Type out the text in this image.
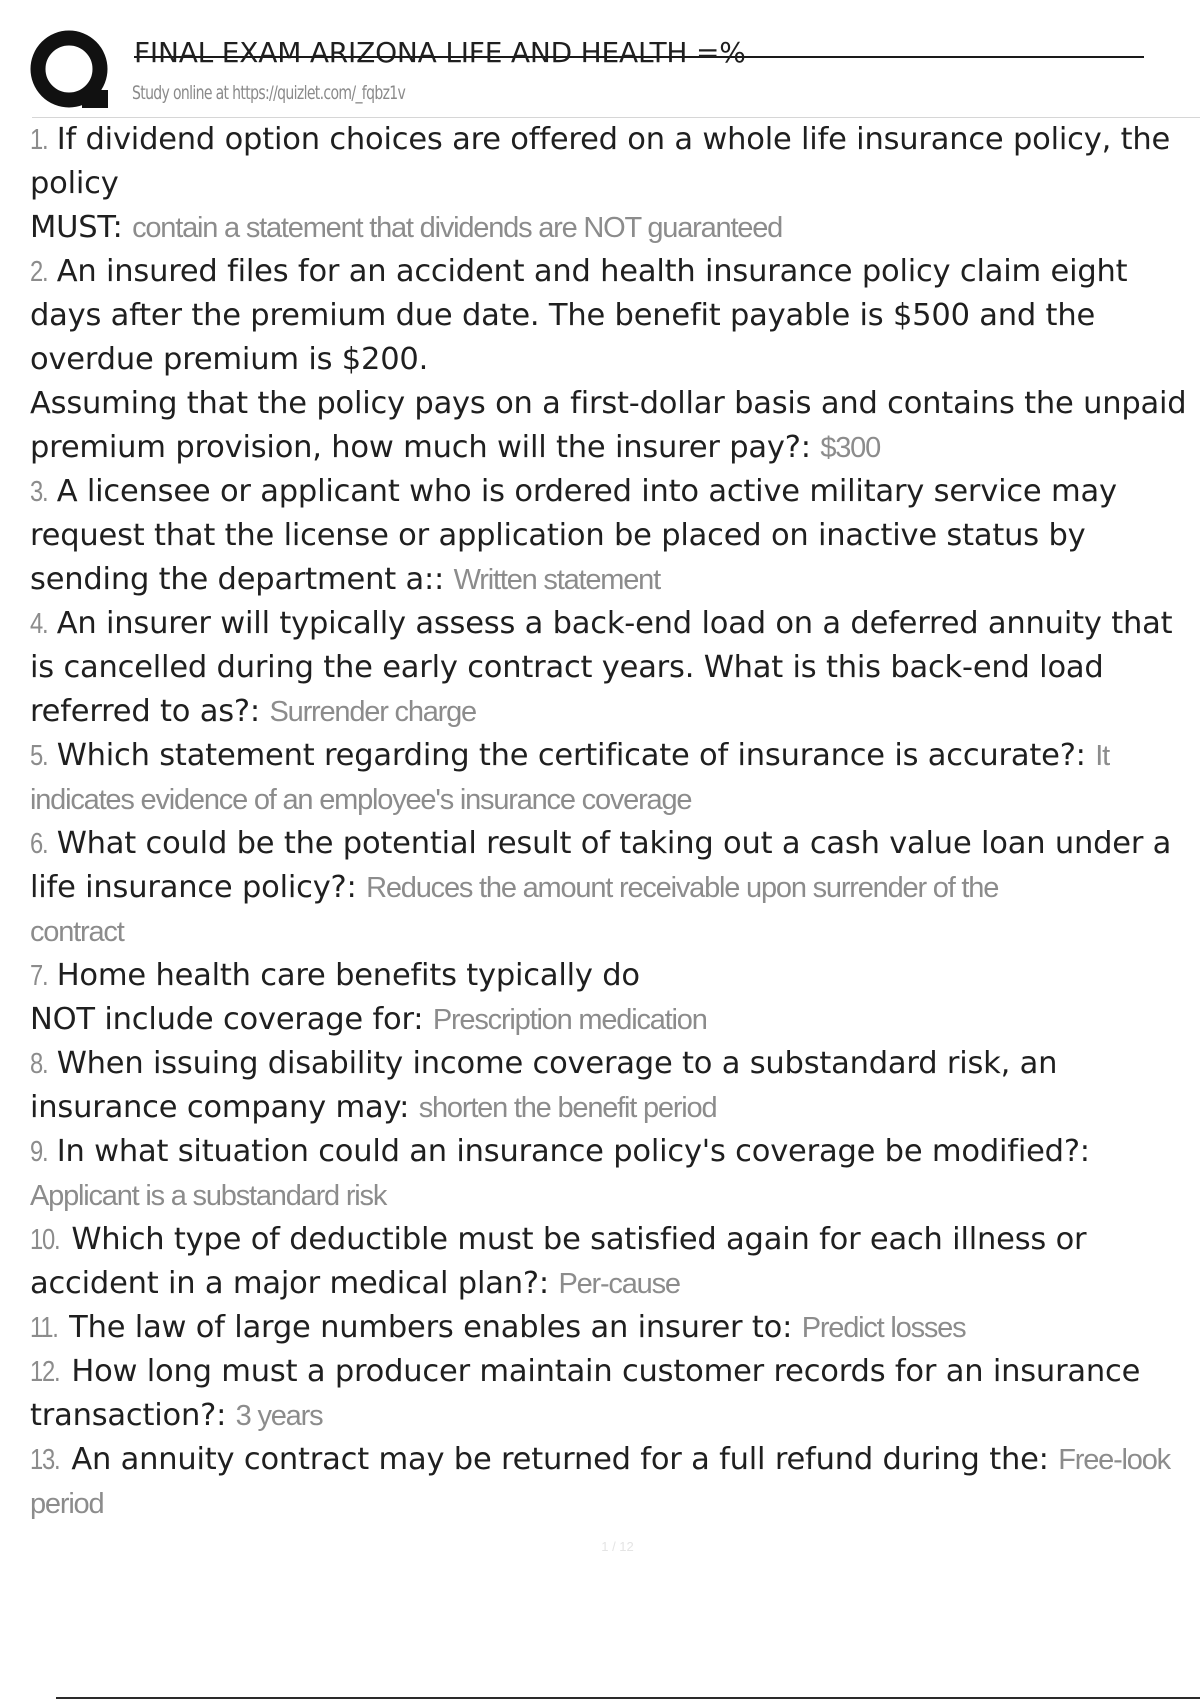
FINAL EXAM ARIZONA LIFE AND HEALTH =%
Study online at https://quizlet.com/_fqbz1v
1. If dividend option choices are offered on a whole life insurance policy, the policy
MUST: contain a statement that dividends are NOT guaranteed
2. An insured files for an accident and health insurance policy claim eight days after the premium due date. The benefit payable is $500 and the overdue premium is $200.
Assuming that the policy pays on a first-dollar basis and contains the unpaid premium provision, how much will the insurer pay?: $300
3. A licensee or applicant who is ordered into active military service may request that the license or application be placed on inactive status by sending the department a:: Written statement
4. An insurer will typically assess a back-end load on a deferred annuity that is cancelled during the early contract years. What is this back-end load referred to as?: Surrender charge
5. Which statement regarding the certificate of insurance is accurate?: It indicates evidence of an employee's insurance coverage
6. What could be the potential result of taking out a cash value loan under a life insurance policy?: Reduces the amount receivable upon surrender of the
contract
7. Home health care benefits typically do
NOT include coverage for: Prescription medication
8. When issuing disability income coverage to a substandard risk, an insurance company may: shorten the benefit period
9. In what situation could an insurance policy's coverage be modified?: Applicant is a substandard risk
10. Which type of deductible must be satisfied again for each illness or accident in a major medical plan?: Per-cause
11. The law of large numbers enables an insurer to: Predict losses
12. How long must a producer maintain customer records for an insurance transaction?: 3 years
13. An annuity contract may be returned for a full refund during the: Free-look period
1 / 12
